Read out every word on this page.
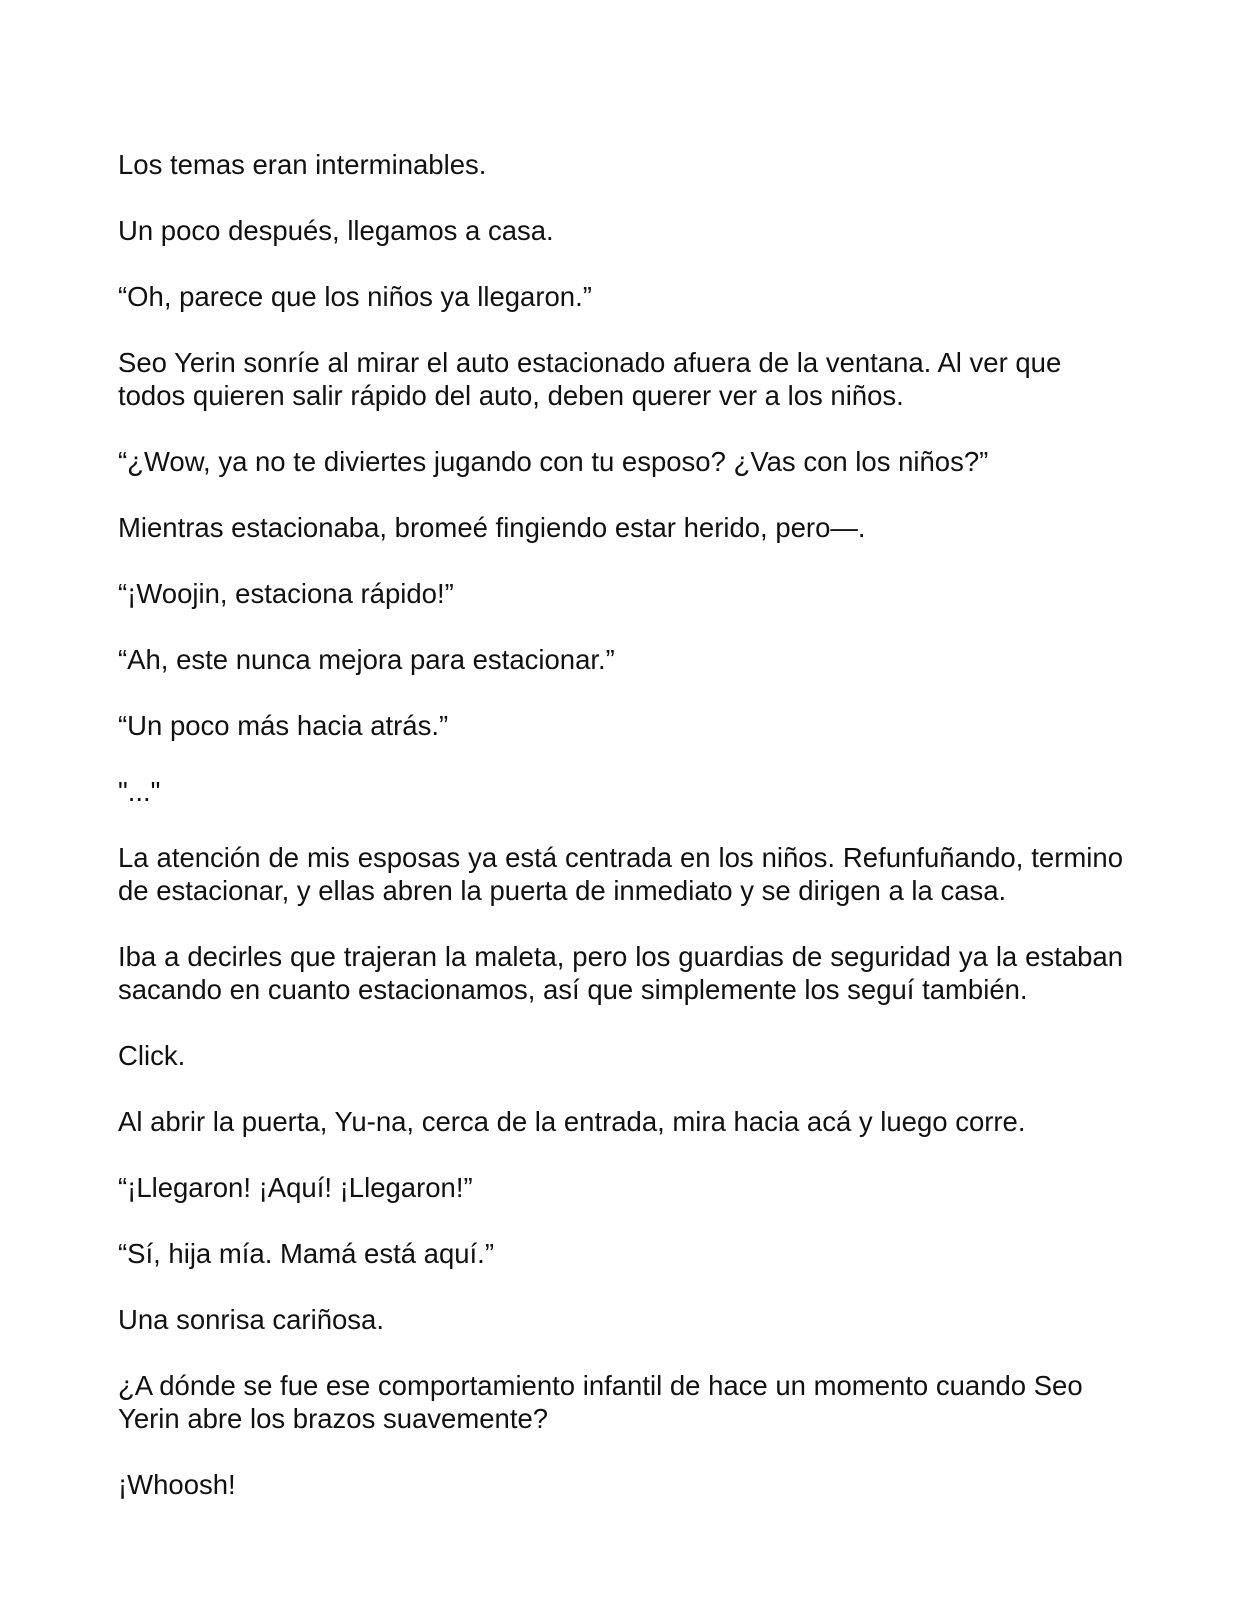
Los temas eran interminables.

Un poco después, llegamos a casa.

“Oh, parece que los niños ya llegaron.”

Seo Yerin sonríe al mirar el auto estacionado afuera de la ventana. Al ver que todos quieren salir rápido del auto, deben querer ver a los niños.

“¿Wow, ya no te diviertes jugando con tu esposo? ¿Vas con los niños?”

Mientras estacionaba, bromeé fingiendo estar herido, pero—.

“¡Woojin, estaciona rápido!”

“Ah, este nunca mejora para estacionar.”

“Un poco más hacia atrás.”

"..."

La atención de mis esposas ya está centrada en los niños. Refunfuñando, termino de estacionar, y ellas abren la puerta de inmediato y se dirigen a la casa.

Iba a decirles que trajeran la maleta, pero los guardias de seguridad ya la estaban sacando en cuanto estacionamos, así que simplemente los seguí también.

Click.

Al abrir la puerta, Yu-na, cerca de la entrada, mira hacia acá y luego corre.

“¡Llegaron! ¡Aquí! ¡Llegaron!”

“Sí, hija mía. Mamá está aquí.”

Una sonrisa cariñosa.

¿A dónde se fue ese comportamiento infantil de hace un momento cuando Seo Yerin abre los brazos suavemente?

¡Whoosh!
